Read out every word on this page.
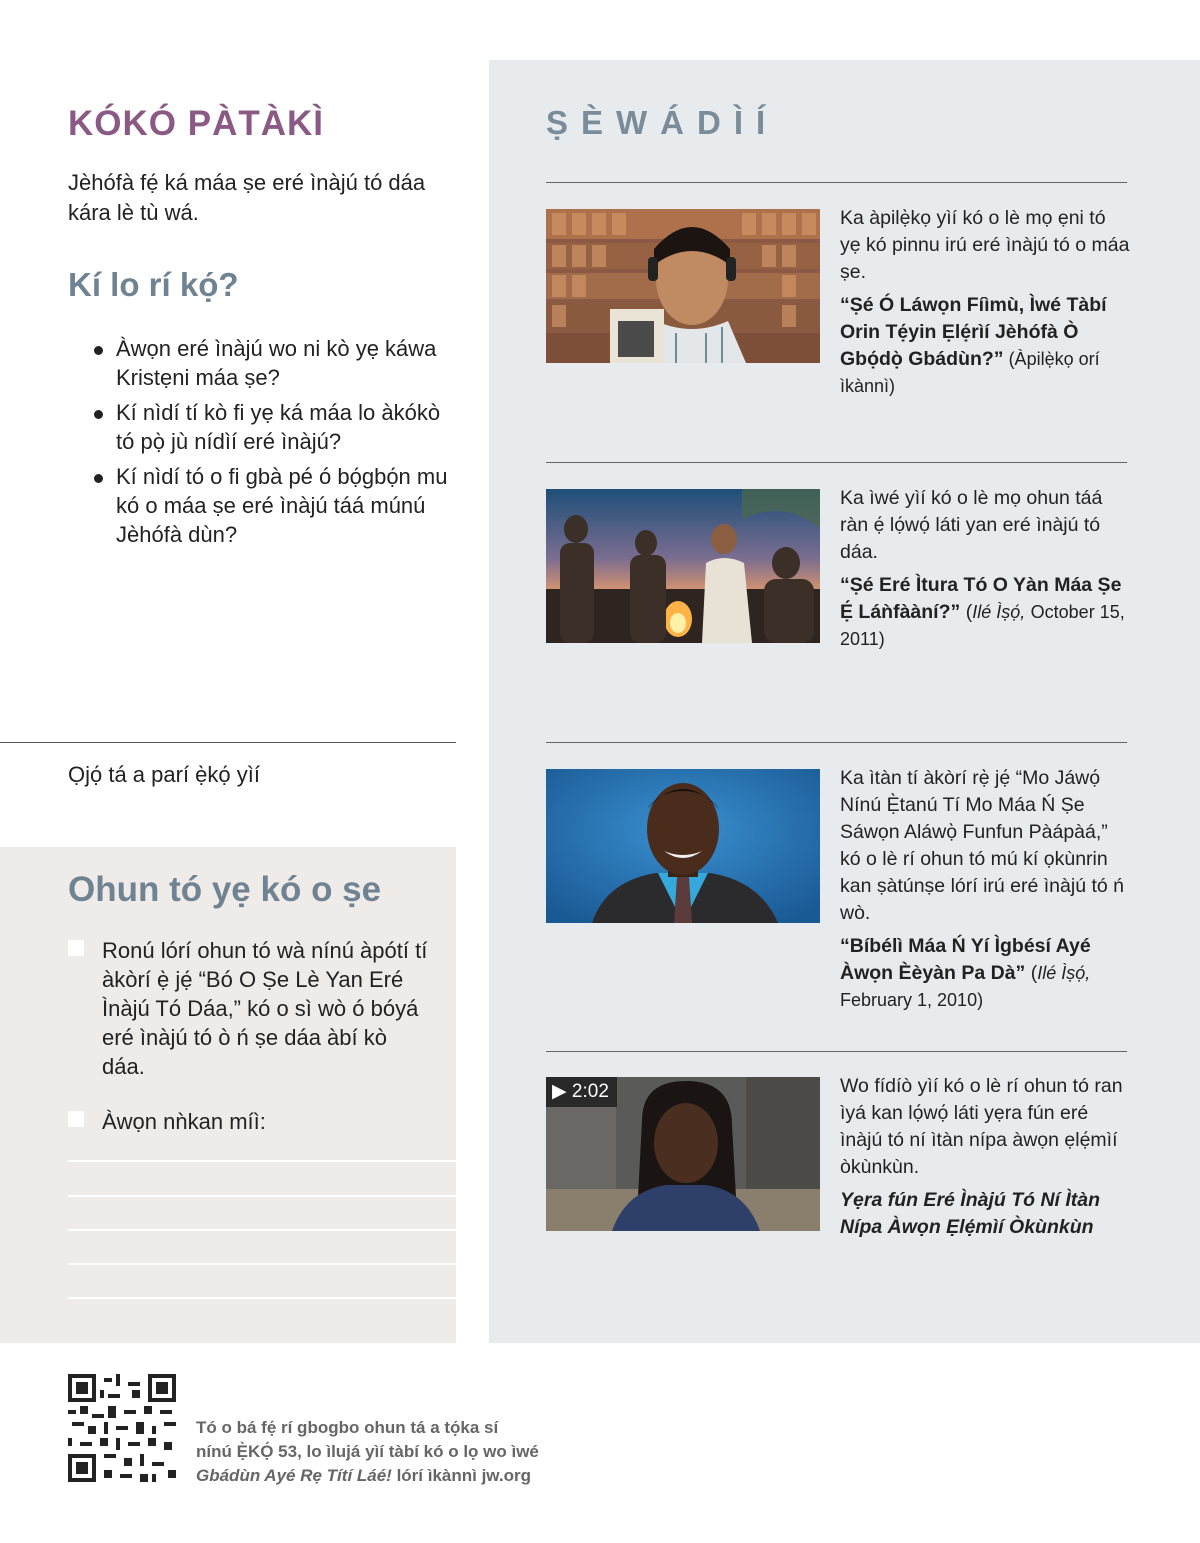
KÓKÓ PÀTÀKÌ

Jèhófà fẹ́ ká máa ṣe eré ìnàjú tó dáa kára lè tù wá.

Kí lo rí kọ́?
Àwọn eré ìnàjú wo ni kò yẹ káwa Kristẹni máa ṣe?
Kí nìdí tí kò fi yẹ ká máa lo àkókò tó pọ̀ jù nídìí eré ìnàjú?
Kí nìdí tó o fi gbà pé ó bọ́gbọ́n mu kó o máa ṣe eré ìnàjú táá múnú Jèhófà dùn?

Ọjọ́ tá a parí ẹ̀kọ́ yìí

Ohun tó yẹ kó o ṣe
Ronú lórí ohun tó wà nínú àpótí tí àkòrí ẹ̀ jẹ́ “Bó O Ṣe Lè Yan Eré Ìnàjú Tó Dáa,” kó o sì wò ó bóyá eré ìnàjú tó ò ń ṣe dáa àbí kò dáa.
Àwọn nǹkan míì:
ṢÈWÁDÌÍ

Ka àpilẹ̀kọ yìí kó o lè mọ ẹni tó yẹ kó pinnu irú eré ìnàjú tó o máa ṣe.

“Ṣé Ó Láwọn Fíìmù, Ìwé Tàbí Orin Tẹ́yin Ẹlẹ́rìí Jèhófà Ò Gbọ́dọ̀ Gbádùn?” (Àpilẹ̀kọ orí ìkànnì)

Ka ìwé yìí kó o lè mọ ohun táá ràn ẹ́ lọ́wọ́ láti yan eré ìnàjú tó dáa.

“Ṣé Eré Ìtura Tó O Yàn Máa Ṣe Ẹ́ Láǹfààní?” (Ilé Ìṣọ́, October 15, 2011)

Ka ìtàn tí àkòrí rẹ̀ jẹ́ “Mo Jáwọ́ Nínú Ẹ̀tanú Tí Mo Máa Ń Ṣe Sáwọn Aláwọ̀ Funfun Pàápàá,” kó o lè rí ohun tó mú kí ọkùnrin kan ṣàtúnṣe lórí irú eré ìnàjú tó ń wò.

“Bíbélì Máa Ń Yí Ìgbésí Ayé Àwọn Èèyàn Pa Dà” (Ilé Ìṣọ́, February 1, 2010)

▶ 2:02	Wo fídíò yìí kó o lè rí ohun tó ran ìyá kan lọ́wọ́ láti yẹra fún eré ìnàjú tó ní ìtàn nípa àwọn ẹlẹ́mìí òkùnkùn.

Yẹra fún Eré Ìnàjú Tó Ní Ìtàn Nípa Àwọn Ẹlẹ́mìí Òkùnkùn

Tó o bá fẹ́ rí gbogbo ohun tá a tọ́ka sí
nínú Ẹ̀KỌ́ 53, lo ìlujá yìí tàbí kó o lọ wo ìwé
Gbádùn Ayé Rẹ Títí Láé! lórí ìkànnì jw.org
